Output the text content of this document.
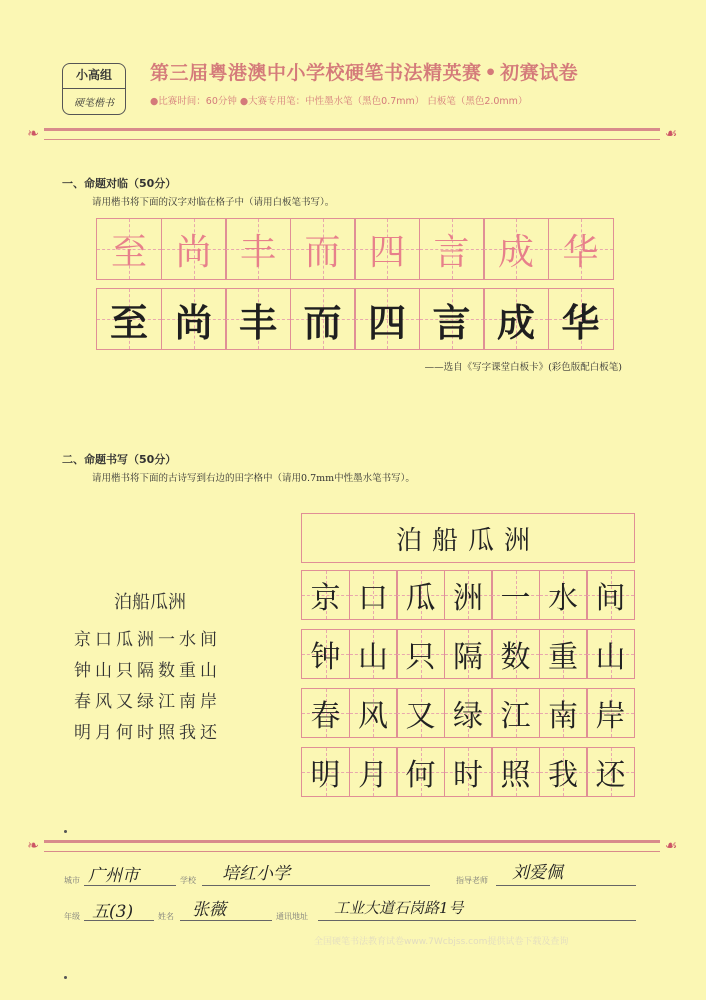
小高组
硬笔楷书
第三届粤港澳中小学校硬笔书法精英赛 • 初赛试卷
●比赛时间：60分钟 ●大赛专用笔：中性墨水笔（黑色0.7mm） 白板笔（黑色2.0mm）
❧	☙
一、命题对临（50分）
请用楷书将下面的汉字对临在格子中（请用白板笔书写）。
至 尚 丰 而 四 言 成 华
至 尚 丰 而 四 言 成 华
——选自《写字课堂白板卡》(彩色版配白板笔)
二、命题书写（50分）
请用楷书将下面的古诗写到右边的田字格中（请用0.7mm中性墨水笔书写）。
泊船瓜洲
京口瓜洲一水间
钟山只隔数重山
春风又绿江南岸
明月何时照我还
泊船瓜洲
京 口 瓜 洲 一 水 间
钟 山 只 隔 数 重 山
春 风 又 绿 江 南 岸
明 月 何 时 照 我 还
❧	☙
城市 广州市	学校 培红小学	指导老师 刘爱佩
年级 五(3)	姓名 张薇	通讯地址 工业大道石岗路1号
全国硬笔书法教育试卷www.7Wcbjss.com提供试卷下载及查询
